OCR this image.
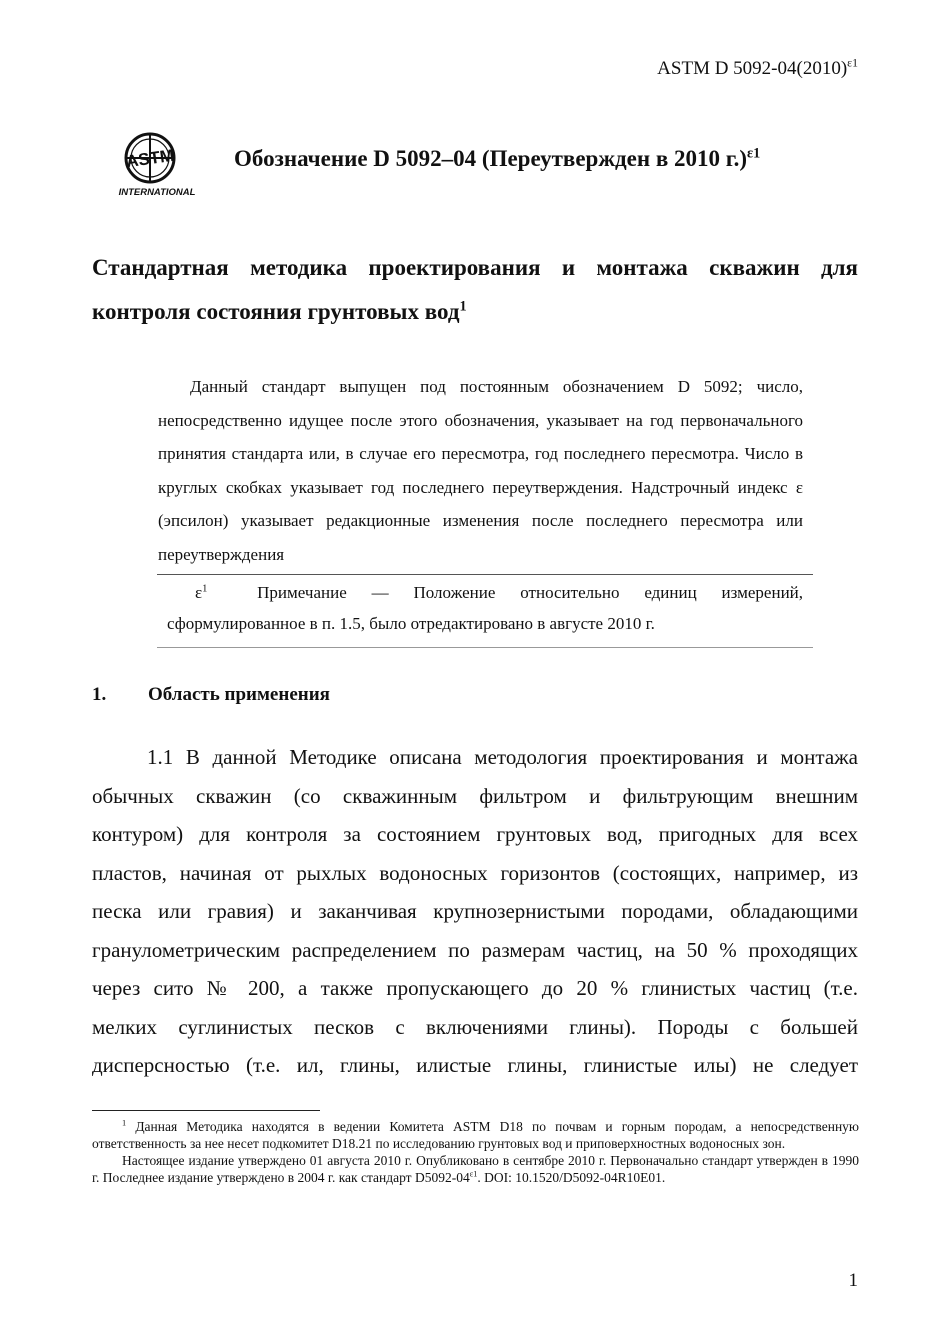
ASTM D $5092-04(2010)^{\varepsilon 1}$
ASTM
INTERNATIONAL
Обозначение D 5092–04 (Переутвержден в 2010 г.)$^{\varepsilon 1}$
Стандартная методика проектирования и монтажа скважин для
контроля состояния грунтовых вод$^1$
Данный стандарт выпущен под постоянным обозначением D 5092; число, непосредственно идущее после этого обозначения, указывает на год первоначального принятия стандарта или, в случае его пересмотра, год последнего пересмотра. Число в круглых скобках указывает год последнего переутверждения. Надстрочный индекс ε (эпсилон) указывает редакционные изменения после последнего пересмотра или переутверждения
$\varepsilon^1$	Примечание — Положение относительно единиц измерений,
сформулированное в п. 1.5, было отредактировано в августе 2010 г.
1. Область применения
1.1 В данной Методике описана методология проектирования и монтажа
обычных скважин (со скважинным фильтром и фильтрующим внешним
контуром) для контроля за состоянием грунтовых вод, пригодных для всех
пластов, начиная от рыхлых водоносных горизонтов (состоящих, например, из
песка или гравия) и заканчивая крупнозернистыми породами, обладающими
гранулометрическим распределением по размерам частиц, на 50 % проходящих
через сито № 200, а также пропускающего до 20 % глинистых частиц (т.е.
мелких суглинистых песков с включениями глины). Породы с большей
дисперсностью (т.е. ил, глины, илистые глины, глинистые илы) не следует
$^1$ Данная Методика находятся в ведении Комитета ASTM D18 по почвам и горным породам, а непосредственную ответственность за нее несет подкомитет D18.21 по исследованию грунтовых вод и приповерхностных водоносных зон.
Настоящее издание утверждено 01 августа 2010 г. Опубликовано в сентябре 2010 г. Первоначально стандарт утвержден в 1990 г. Последнее издание утверждено в 2004 г. как стандарт $D5092-04^{\varepsilon 1}$. DOI: 10.1520/D5092-04R10E01.
1
